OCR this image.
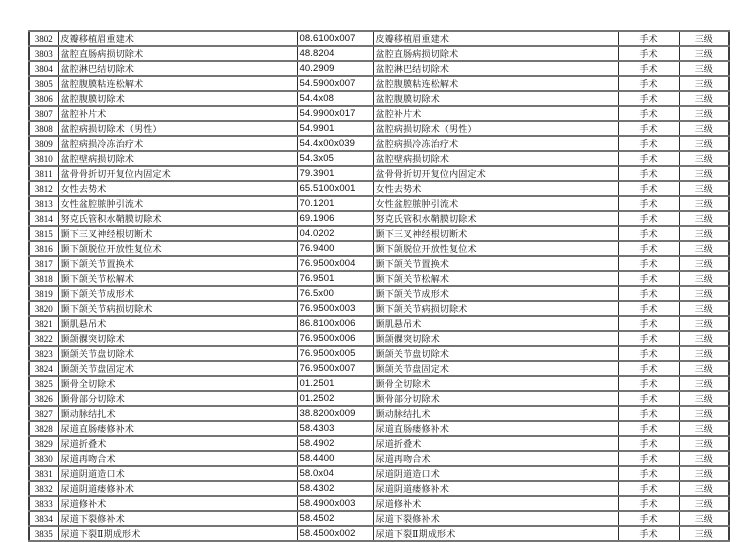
3802	皮瓣移植眉重建术	08.6100x007	皮瓣移植眉重建术	手术	三级
3803	盆腔直肠病损切除术	48.8204	盆腔直肠病损切除术	手术	三级
3804	盆腔淋巴结切除术	40.2909	盆腔淋巴结切除术	手术	三级
3805	盆腔腹膜粘连松解术	54.5900x007	盆腔腹膜粘连松解术	手术	三级
3806	盆腔腹膜切除术	54.4x08	盆腔腹膜切除术	手术	三级
3807	盆腔补片术	54.9900x017	盆腔补片术	手术	三级
3808	盆腔病损切除术（男性）	54.9901	盆腔病损切除术（男性）	手术	三级
3809	盆腔病损冷冻治疗术	54.4x00x039	盆腔病损冷冻治疗术	手术	三级
3810	盆腔壁病损切除术	54.3x05	盆腔壁病损切除术	手术	三级
3811	盆骨骨折切开复位内固定术	79.3901	盆骨骨折切开复位内固定术	手术	三级
3812	女性去势术	65.5100x001	女性去势术	手术	三级
3813	女性盆腔脓肿引流术	70.1201	女性盆腔脓肿引流术	手术	三级
3814	努克氏管积水鞘膜切除术	69.1906	努克氏管积水鞘膜切除术	手术	三级
3815	颞下三叉神经根切断术	04.0202	颞下三叉神经根切断术	手术	三级
3816	颞下颌脱位开放性复位术	76.9400	颞下颌脱位开放性复位术	手术	三级
3817	颞下颌关节置换术	76.9500x004	颞下颌关节置换术	手术	三级
3818	颞下颌关节松解术	76.9501	颞下颌关节松解术	手术	三级
3819	颞下颌关节成形术	76.5x00	颞下颌关节成形术	手术	三级
3820	颞下颌关节病损切除术	76.9500x003	颞下颌关节病损切除术	手术	三级
3821	颞肌悬吊术	86.8100x006	颞肌悬吊术	手术	三级
3822	颞颌髁突切除术	76.9500x006	颞颌髁突切除术	手术	三级
3823	颞颌关节盘切除术	76.9500x005	颞颌关节盘切除术	手术	三级
3824	颞颌关节盘固定术	76.9500x007	颞颌关节盘固定术	手术	三级
3825	颞骨全切除术	01.2501	颞骨全切除术	手术	三级
3826	颞骨部分切除术	01.2502	颞骨部分切除术	手术	三级
3827	颞动脉结扎术	38.8200x009	颞动脉结扎术	手术	三级
3828	尿道直肠瘘修补术	58.4303	尿道直肠瘘修补术	手术	三级
3829	尿道折叠术	58.4902	尿道折叠术	手术	三级
3830	尿道再吻合术	58.4400	尿道再吻合术	手术	三级
3831	尿道阴道造口术	58.0x04	尿道阴道造口术	手术	三级
3832	尿道阴道瘘修补术	58.4302	尿道阴道瘘修补术	手术	三级
3833	尿道修补术	58.4900x003	尿道修补术	手术	三级
3834	尿道下裂修补术	58.4502	尿道下裂修补术	手术	三级
3835	尿道下裂Ⅱ期成形术	58.4500x002	尿道下裂Ⅱ期成形术	手术	三级
